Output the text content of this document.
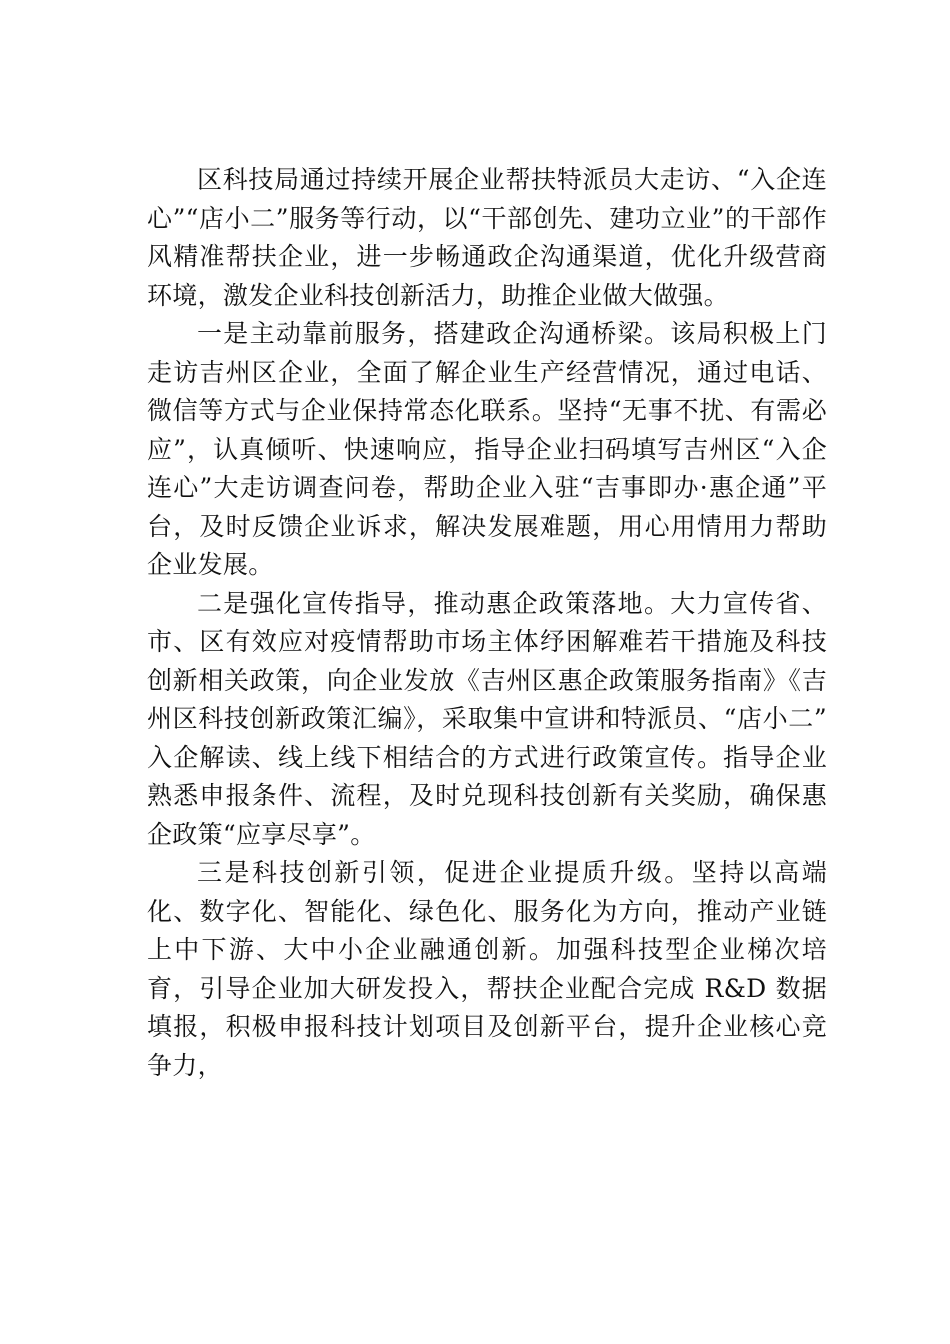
区科技局通过持续开展企业帮扶特派员大走访、“入企连心”“店小二”服务等行动，以“干部创先、建功立业”的干部作风精准帮扶企业，进一步畅通政企沟通渠道，优化升级营商环境，激发企业科技创新活力，助推企业做大做强。

一是主动靠前服务，搭建政企沟通桥梁。该局积极上门走访吉州区企业，全面了解企业生产经营情况，通过电话、 微信等方式与企业保持常态化联系。坚持“无事不扰、有需必应”，认真倾听、快速响应，指导企业扫码填写吉州区“入企连心”大走访调查问卷，帮助企业入驻“吉事即办·惠企通”平台，及时反馈企业诉求，解决发展难题，用心用情用力帮助企业发展。

二是强化宣传指导，推动惠企政策落地。大力宣传省、市、区有效应对疫情帮助市场主体纾困解难若干措施及科技创新相关政策，向企业发放《吉州区惠企政策服务指南》《吉州区科技创新政策汇编》，采取集中宣讲和特派员、“店小二” 入企解读、线上线下相结合的方式进行政策宣传。指导企业熟悉申报条件、流程，及时兑现科技创新有关奖励，确保惠企政策“应享尽享”。

三是科技创新引领，促进企业提质升级。坚持以高端化、数字化、智能化、绿色化、服务化为方向，推动产业链上中下游、大中小企业融通创新。加强科技型企业梯次培育，引导企业加大研发投入，帮扶企业配合完成 R&D 数据填报，积极申报科技计划项目及创新平台，提升企业核心竞争力，
